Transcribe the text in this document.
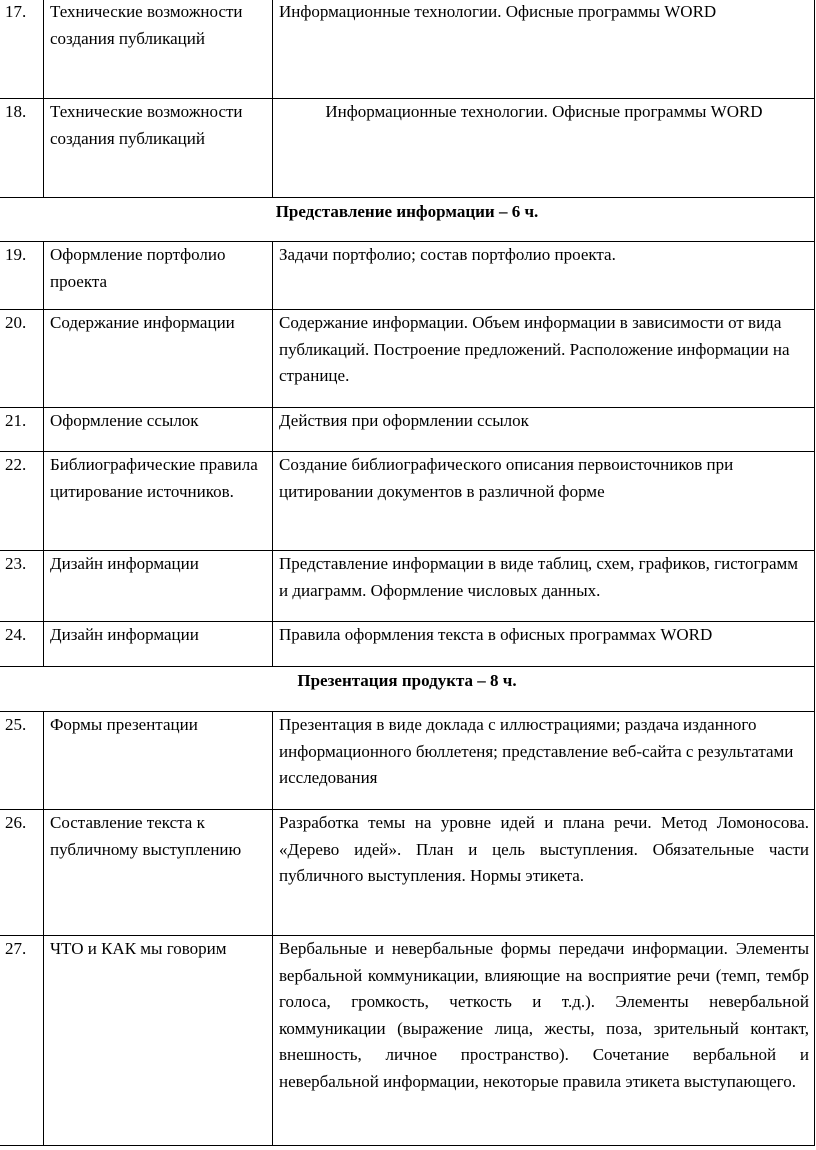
17.	Технические возможности создания публикаций	Информационные технологии. Офисные программы WORD
18.	Технические возможности создания публикаций	Информационные технологии. Офисные программы WORD
Представление информации – 6 ч.		
19.	Оформление портфолио проекта	Задачи портфолио; состав портфолио проекта.
20.	Содержание информации	Содержание информации. Объем информации в зависимости от вида публикаций. Построение предложений. Расположение информации на странице.
21.	Оформление ссылок	Действия при оформлении ссылок
22.	Библиографические правила цитирование источников.	Создание библиографического описания первоисточников при цитировании документов в различной форме
23.	Дизайн информации	Представление информации в виде таблиц, схем, графиков, гистограмм и диаграмм. Оформление числовых данных.
24.	Дизайн информации	Правила оформления текста в офисных программах WORD
Презентация продукта – 8 ч.		
25.	Формы презентации	Презентация в виде доклада с иллюстрациями; раздача изданного информационного бюллетеня; представление веб-сайта с результатами исследования
26.	Составление текста к публичному выступлению	Разработка темы на уровне идей и плана речи. Метод Ломоносова. «Дерево идей». План и цель выступления. Обязательные части публичного выступления. Нормы этикета.
27.	ЧТО и КАК мы говорим	Вербальные и невербальные формы передачи информации. Элементы вербальной коммуникации, влияющие на восприятие речи (темп, тембр голоса, громкость, четкость и т.д.). Элементы невербальной коммуникации (выражение лица, жесты, поза, зрительный контакт, внешность, личное пространство). Сочетание вербальной и невербальной информации, некоторые правила этикета выступающего.
